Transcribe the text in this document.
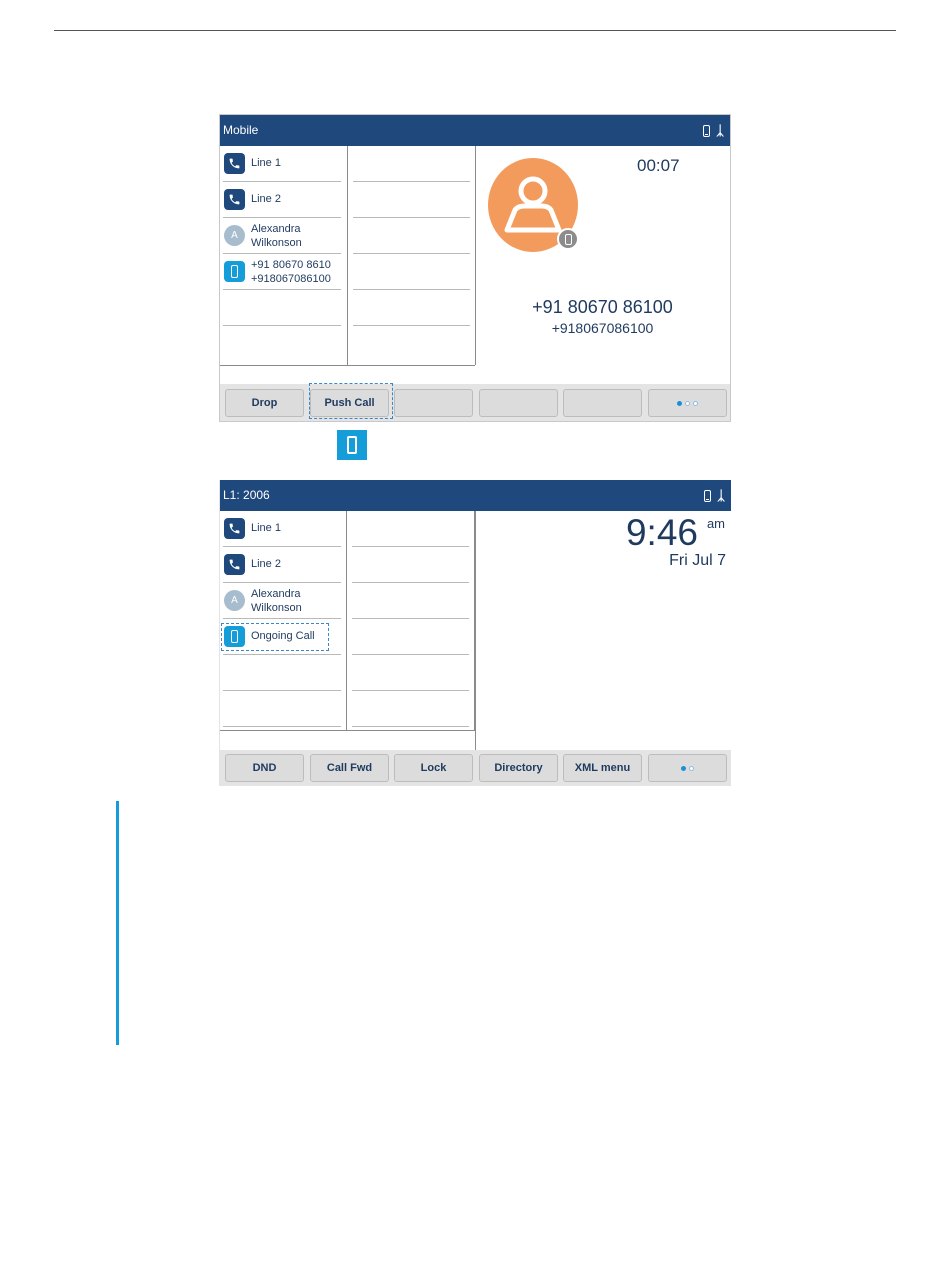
Mobile	ᛣ
Line 1
Line 2
A
Alexandra
Wilkonson
+91 80670 8610
+918067086100
00:07
+91 80670 86100
+918067086100
Drop	Push Call
L1: 2006	ᛣ
Line 1
Line 2
A
Alexandra
Wilkonson
Ongoing Call
9:46 am
Fri Jul 7
DND	Call Fwd	Lock	Directory	XML menu
